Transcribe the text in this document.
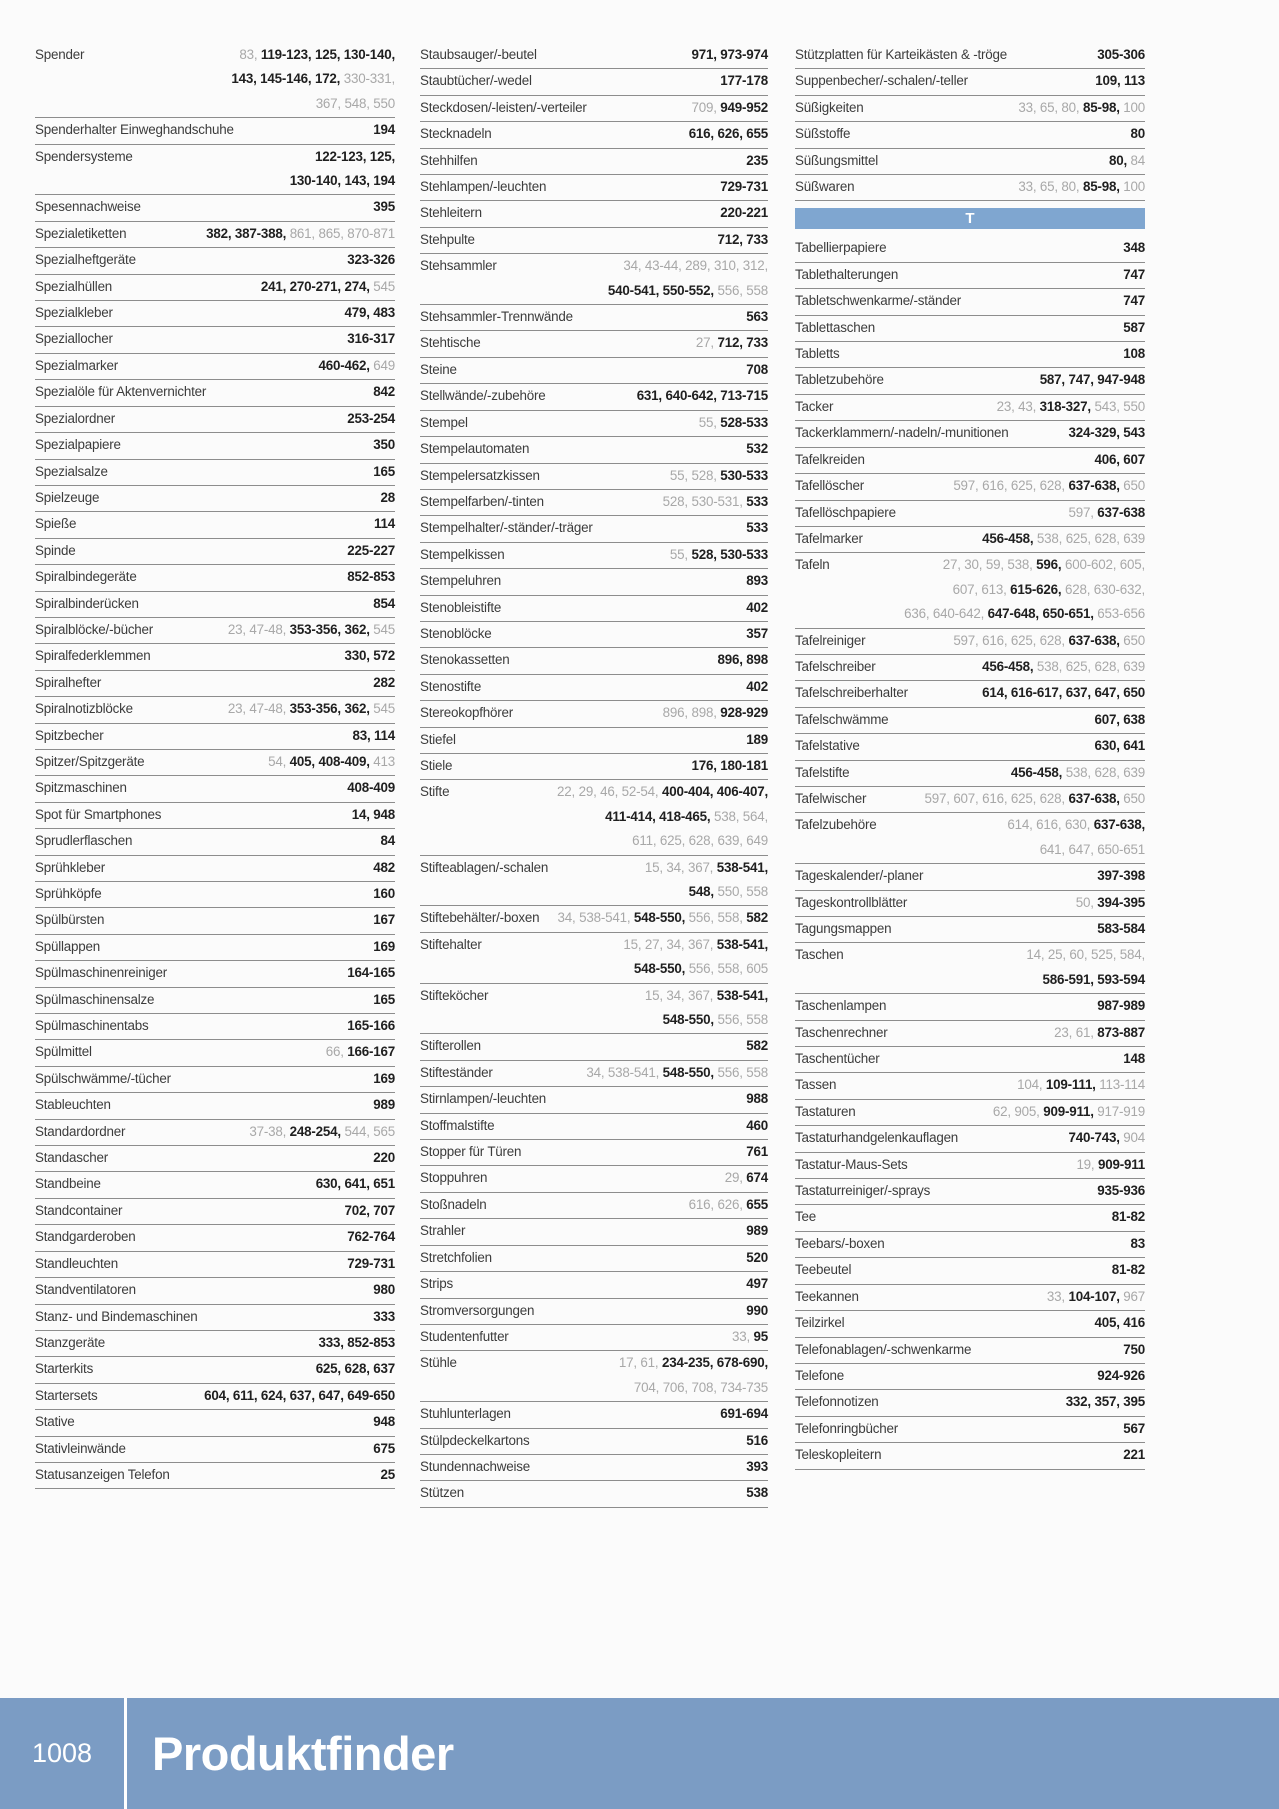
Spender	83, 119-123, 125, 130-140,
143, 145-146, 172, 330-331,
367, 548, 550
Spenderhalter Einweghandschuhe	194
Spendersysteme	122-123, 125,
130-140, 143, 194
Spesennachweise	395
Spezialetiketten	382, 387-388, 861, 865, 870-871
Spezialheftgeräte	323-326
Spezialhüllen	241, 270-271, 274, 545
Spezialkleber	479, 483
Speziallocher	316-317
Spezialmarker	460-462, 649
Spezialöle für Aktenvernichter	842
Spezialordner	253-254
Spezialpapiere	350
Spezialsalze	165
Spielzeuge	28
Spieße	114
Spinde	225-227
Spiralbindegeräte	852-853
Spiralbinderücken	854
Spiralblöcke/-bücher	23, 47-48, 353-356, 362, 545
Spiralfederklemmen	330, 572
Spiralhefter	282
Spiralnotizblöcke	23, 47-48, 353-356, 362, 545
Spitzbecher	83, 114
Spitzer/Spitzgeräte	54, 405, 408-409, 413
Spitzmaschinen	408-409
Spot für Smartphones	14, 948
Sprudlerflaschen	84
Sprühkleber	482
Sprühköpfe	160
Spülbürsten	167
Spüllappen	169
Spülmaschinenreiniger	164-165
Spülmaschinensalze	165
Spülmaschinentabs	165-166
Spülmittel	66, 166-167
Spülschwämme/-tücher	169
Stableuchten	989
Standardordner	37-38, 248-254, 544, 565
Standascher	220
Standbeine	630, 641, 651
Standcontainer	702, 707
Standgarderoben	762-764
Standleuchten	729-731
Standventilatoren	980
Stanz- und Bindemaschinen	333
Stanzgeräte	333, 852-853
Starterkits	625, 628, 637
Startersets	604, 611, 624, 637, 647, 649-650
Stative	948
Stativleinwände	675
Statusanzeigen Telefon	25
Staubsauger/-beutel	971, 973-974
Staubtücher/-wedel	177-178
Steckdosen/-leisten/-verteiler	709, 949-952
Stecknadeln	616, 626, 655
Stehhilfen	235
Stehlampen/-leuchten	729-731
Stehleitern	220-221
Stehpulte	712, 733
Stehsammler	34, 43-44, 289, 310, 312,
540-541, 550-552, 556, 558
Stehsammler-Trennwände	563
Stehtische	27, 712, 733
Steine	708
Stellwände/-zubehöre	631, 640-642, 713-715
Stempel	55, 528-533
Stempelautomaten	532
Stempelersatzkissen	55, 528, 530-533
Stempelfarben/-tinten	528, 530-531, 533
Stempelhalter/-ständer/-träger	533
Stempelkissen	55, 528, 530-533
Stempeluhren	893
Stenobleistifte	402
Stenoblöcke	357
Stenokassetten	896, 898
Stenostifte	402
Stereokopfhörer	896, 898, 928-929
Stiefel	189
Stiele	176, 180-181
Stifte	22, 29, 46, 52-54, 400-404, 406-407,
411-414, 418-465, 538, 564,
611, 625, 628, 639, 649
Stifteablagen/-schalen	15, 34, 367, 538-541,
548, 550, 558
Stiftebehälter/-boxen	34, 538-541, 548-550, 556, 558, 582
Stiftehalter	15, 27, 34, 367, 538-541,
548-550, 556, 558, 605
Stifteköcher	15, 34, 367, 538-541,
548-550, 556, 558
Stifterollen	582
Stifteständer	34, 538-541, 548-550, 556, 558
Stirnlampen/-leuchten	988
Stoffmalstifte	460
Stopper für Türen	761
Stoppuhren	29, 674
Stoßnadeln	616, 626, 655
Strahler	989
Stretchfolien	520
Strips	497
Stromversorgungen	990
Studentenfutter	33, 95
Stühle	17, 61, 234-235, 678-690,
704, 706, 708, 734-735
Stuhlunterlagen	691-694
Stülpdeckelkartons	516
Stundennachweise	393
Stützen	538
Stützplatten für Karteikästen & -tröge	305-306
Suppenbecher/-schalen/-teller	109, 113
Süßigkeiten	33, 65, 80, 85-98, 100
Süßstoffe	80
Süßungsmittel	80, 84
Süßwaren	33, 65, 80, 85-98, 100
T
Tabellierpapiere	348
Tablethalterungen	747
Tabletschwenkarme/-ständer	747
Tablettaschen	587
Tabletts	108
Tabletzubehöre	587, 747, 947-948
Tacker	23, 43, 318-327, 543, 550
Tackerklammern/-nadeln/-munitionen	324-329, 543
Tafelkreiden	406, 607
Tafellöscher	597, 616, 625, 628, 637-638, 650
Tafellöschpapiere	597, 637-638
Tafelmarker	456-458, 538, 625, 628, 639
Tafeln	27, 30, 59, 538, 596, 600-602, 605,
607, 613, 615-626, 628, 630-632,
636, 640-642, 647-648, 650-651, 653-656
Tafelreiniger	597, 616, 625, 628, 637-638, 650
Tafelschreiber	456-458, 538, 625, 628, 639
Tafelschreiberhalter	614, 616-617, 637, 647, 650
Tafelschwämme	607, 638
Tafelstative	630, 641
Tafelstifte	456-458, 538, 628, 639
Tafelwischer	597, 607, 616, 625, 628, 637-638, 650
Tafelzubehöre	614, 616, 630, 637-638,
641, 647, 650-651
Tageskalender/-planer	397-398
Tageskontrollblätter	50, 394-395
Tagungsmappen	583-584
Taschen	14, 25, 60, 525, 584,
586-591, 593-594
Taschenlampen	987-989
Taschenrechner	23, 61, 873-887
Taschentücher	148
Tassen	104, 109-111, 113-114
Tastaturen	62, 905, 909-911, 917-919
Tastaturhandgelenkauflagen	740-743, 904
Tastatur-Maus-Sets	19, 909-911
Tastaturreiniger/-sprays	935-936
Tee	81-82
Teebars/-boxen	83
Teebeutel	81-82
Teekannen	33, 104-107, 967
Teilzirkel	405, 416
Telefonablagen/-schwenkarme	750
Telefone	924-926
Telefonnotizen	332, 357, 395
Telefonringbücher	567
Teleskopleitern	221
1008	Produktfinder
